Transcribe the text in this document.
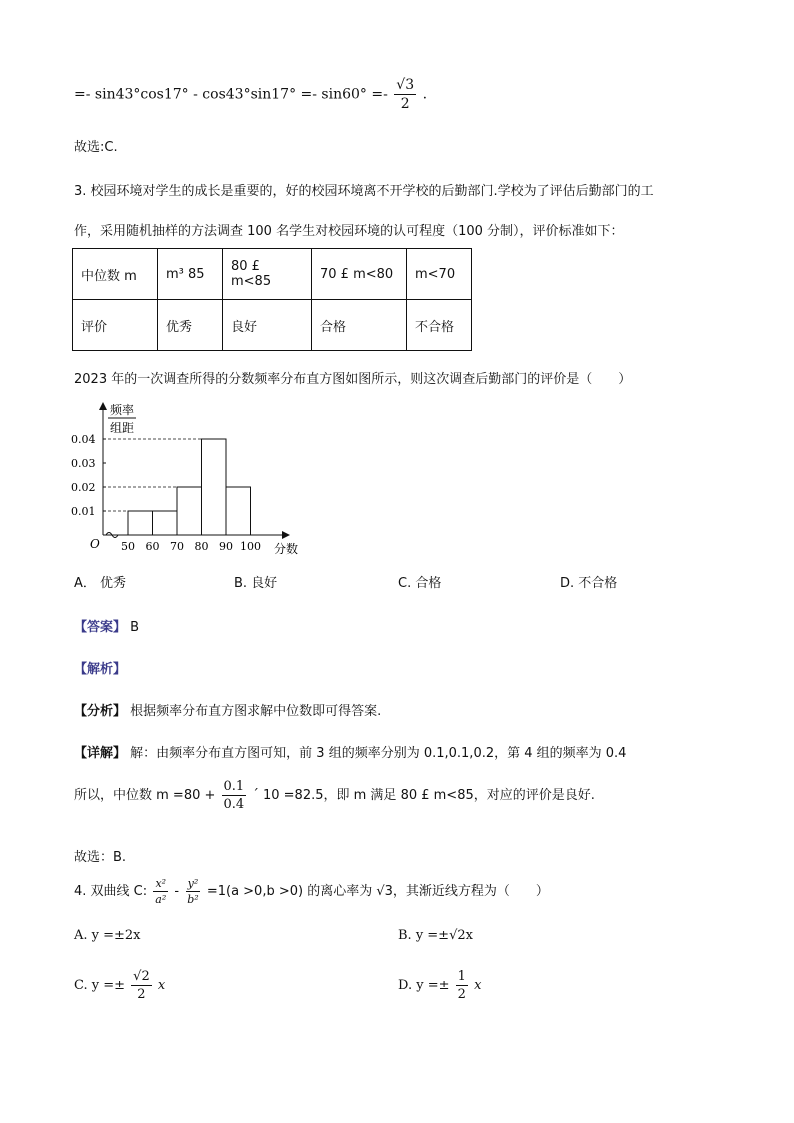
=- $\sin 43^\circ\cos 17^\circ - \cos 43^\circ\sin 17^\circ =- \sin 60^\circ =- \frac{√3}{2}$ .
故选:C.
3. 校园环境对学生的成长是重要的，好的校园环境离不开学校的后勤部门.学校为了评估后勤部门的工
作，采用随机抽样的方法调查 100 名学生对校园环境的认可程度（100 分制），评价标准如下：
中位数 m	m³ 85	80 £ m<85	70 £ m<80	m<70
评价	优秀	良好	合格	不合格
2023 年的一次调查所得的分数频率分布直方图如图所示，则这次调查后勤部门的评价是（　　）
频率
组距
分数
O
0.01
0.02
0.03
0.04
50 60 70 80 90 100
A． 优秀	B. 良好	C. 合格	D. 不合格
【答案】 B
【解析】
【分析】 根据频率分布直方图求解中位数即可得答案.
【详解】 解：由频率分布直方图可知，前 3 组的频率分别为 0.1,0.1,0.2，第 4 组的频率为 0.4
所以，中位数 $m =80 + \frac{0.1}{0.4}$ ´ 10 =82.5，即 m 满足 80 £ m<85，对应的评价是良好.
故选：B.
4. 双曲线 C: $\frac{\text{x²}}{\text{a²}} - \frac{\text{y²}}{\text{b²}} =1(a >0,b >0)$ 的离心率为 √3，其渐近线方程为（　　）
A. y =±2x	B. y =±√2x
C. $y =\pm \frac{√2}{2}$ x	D. $y =\pm \frac{1}{2}$ x
